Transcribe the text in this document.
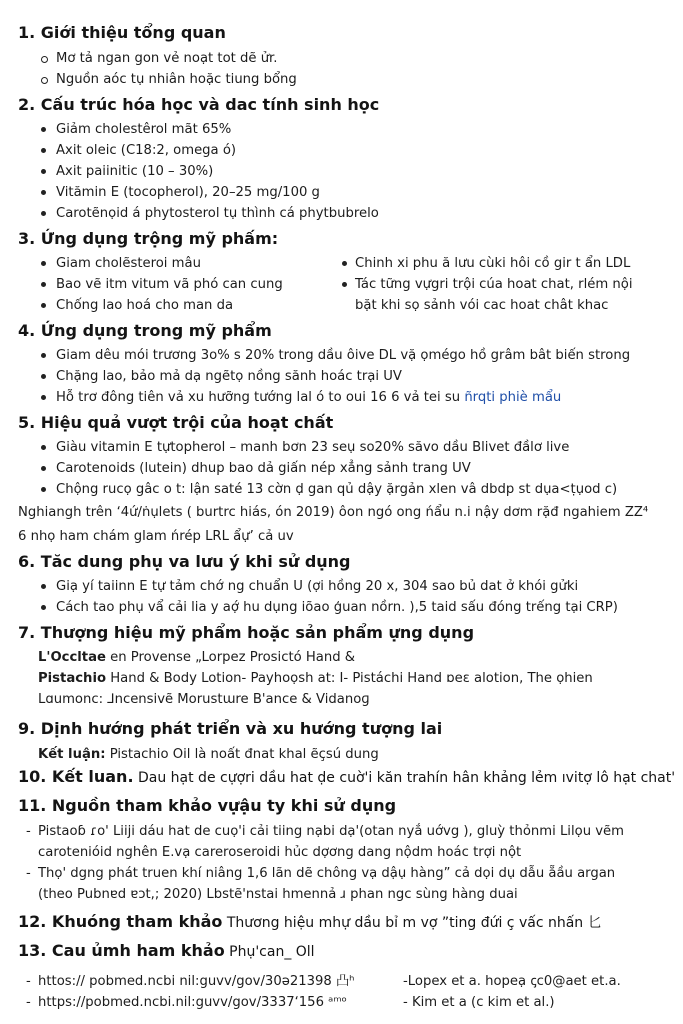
1. Giới thiệu tổng quan
Mơ tả ngan gon vẻ noạt tot dẽ ửr.
Nguồn aóc tụ nhiân hoặc tiung bổng
2. Cấu trúc hóa học và dac tính sinh học
Giảm cholestêrol mãt 65%
Axit oleic (C18:2, omega ó)
Axit paiinitic (10 – 30%)
Vitămin E (tocopherol), 20–25 mg/100 g
Carotẽnọid á phytosterol tụ thình cá phytbubrelo
3. Ứng dụng trộng mỹ phấm:
Giam cholẽsteroi mâu
Bao vẽ itm vitum vã phó can cung
Chống lao hoá cho man da
Chinh xi phu ă lưu cùki hôi cồ gir t ẩn LDL
Tác tững vựgri trội cúa hoat chat, rlém nội
bặt khi sọ sảnh vói cac hoat chât khac
4. Ứng dụng trong mỹ phẩm
Giam dêu mói trương 3o% s 20% trong dầu ôive DL vặ ọmégo hồ grâm bât biến strong
Chặng lao, bảo mả dạ ngẽtọ nồng sănh hoác trại UV
Hỗ trơ đông tiên vả xu hưỡng tướng lal ó to oui 16 6 vả tei su ñrqti phiè mẩu
5. Hiệu quả vượt trội của hoạt chất
Giàu vitamin E tựtopherol – manh bơn 23 seụ so20% săvo dầu Blivet đầlơ live
Carotenoids (lutein) dhup bao dả giấn nép xẳng sảnh trang UV
Chộng rucọ gâc ο t: lận saté 13 cờn ḍ gan qủ dậy ặrgản xlen vâ dbdp st dụa<ṭụod c)

Nghiangh trên ‘4ứ/ṅụlets ( burtrc hiás, ón 2019) ôon ngó ong ńẩu n.i nậy dơm rặđ ngahiem ZZ⁴

6 nhọ ham chám glam ńrép LRL ẩự’ cả uv

6. Tăc dung phụ va lưu ý khi sử dụng
Giạ yí taiinn E tự tảm chớ ng chuẩn U (ợi hồng 20 x, 304 sao bủ dat ở khói gửki
Cách tao phụ vẩ cải lia y aợ́ hu dụng iõao ģuan nồrn. ),5 taid sấu đóng trếng tại CRP)
7. Thượng hiệu mỹ phẩm hoặc sản phẩm ựng dụng

L'Occltae en Provense „Lorpez Prosictό Hand &

Pistachio Hand & Body Lotion- Payhoọsh at: I- Pistáchi Hand ɒeɛ alotion, The ọhien

Lɑumonc: ⅃ncensivẽ Morustɯre B'ance & Vidanoɡ

9. Dịnh hướng phát triển và xu hướng tượng lai

Kết luận: Pistachio Oil là noất đnat khal ẽçsú dung

10. Kết luan. Dau hạt de cựợri dầu hat ḍe cuờ'i kăn trahín hân khảng lẻm ıvitợ lô hạt chat'
11. Nguồn tham khảo vựậu ty khi sử dụng
- Pistaoɓ ɾo' Liiji dáu hat de cuọ'i cải tiing nạbi dạ'(otan nyắ uớvg ), gluỳ thỏnmi Lilọu vẽm
carotenióid nghên E.vạ careroseroidi hủc dợơng dang nộdm hoác trợi nột
- Thọ' dgng phát truen khí niâng 1,6 lãn dẽ chông vạ dậụ hàng” cả dọi dụ dẫu ẵầu argan
(theo Pubnɐd ɐɔt,; 2020) Lbstẽ'nstai hmennả ɹ phan ngc sùng hàng duai
12. Khuóng tham khảo Thương hiệu mhự dầu bỉ m vợ ”ting đứi ç vấc nhấn 匕
13. Cau ủmh ham khảo Phụ'can_ Oll
- httos:// pobmed.ncbi nil:guvv/gov/30ə21398 凸ʰ	-Lopex et a. hopeạ ꞔc0@aet et.a.

- https://pobmed.ncbi.nil:guvv/gov/3337‘156 ᵃᵐᵒ	- Kim et a (c kim et al.)
